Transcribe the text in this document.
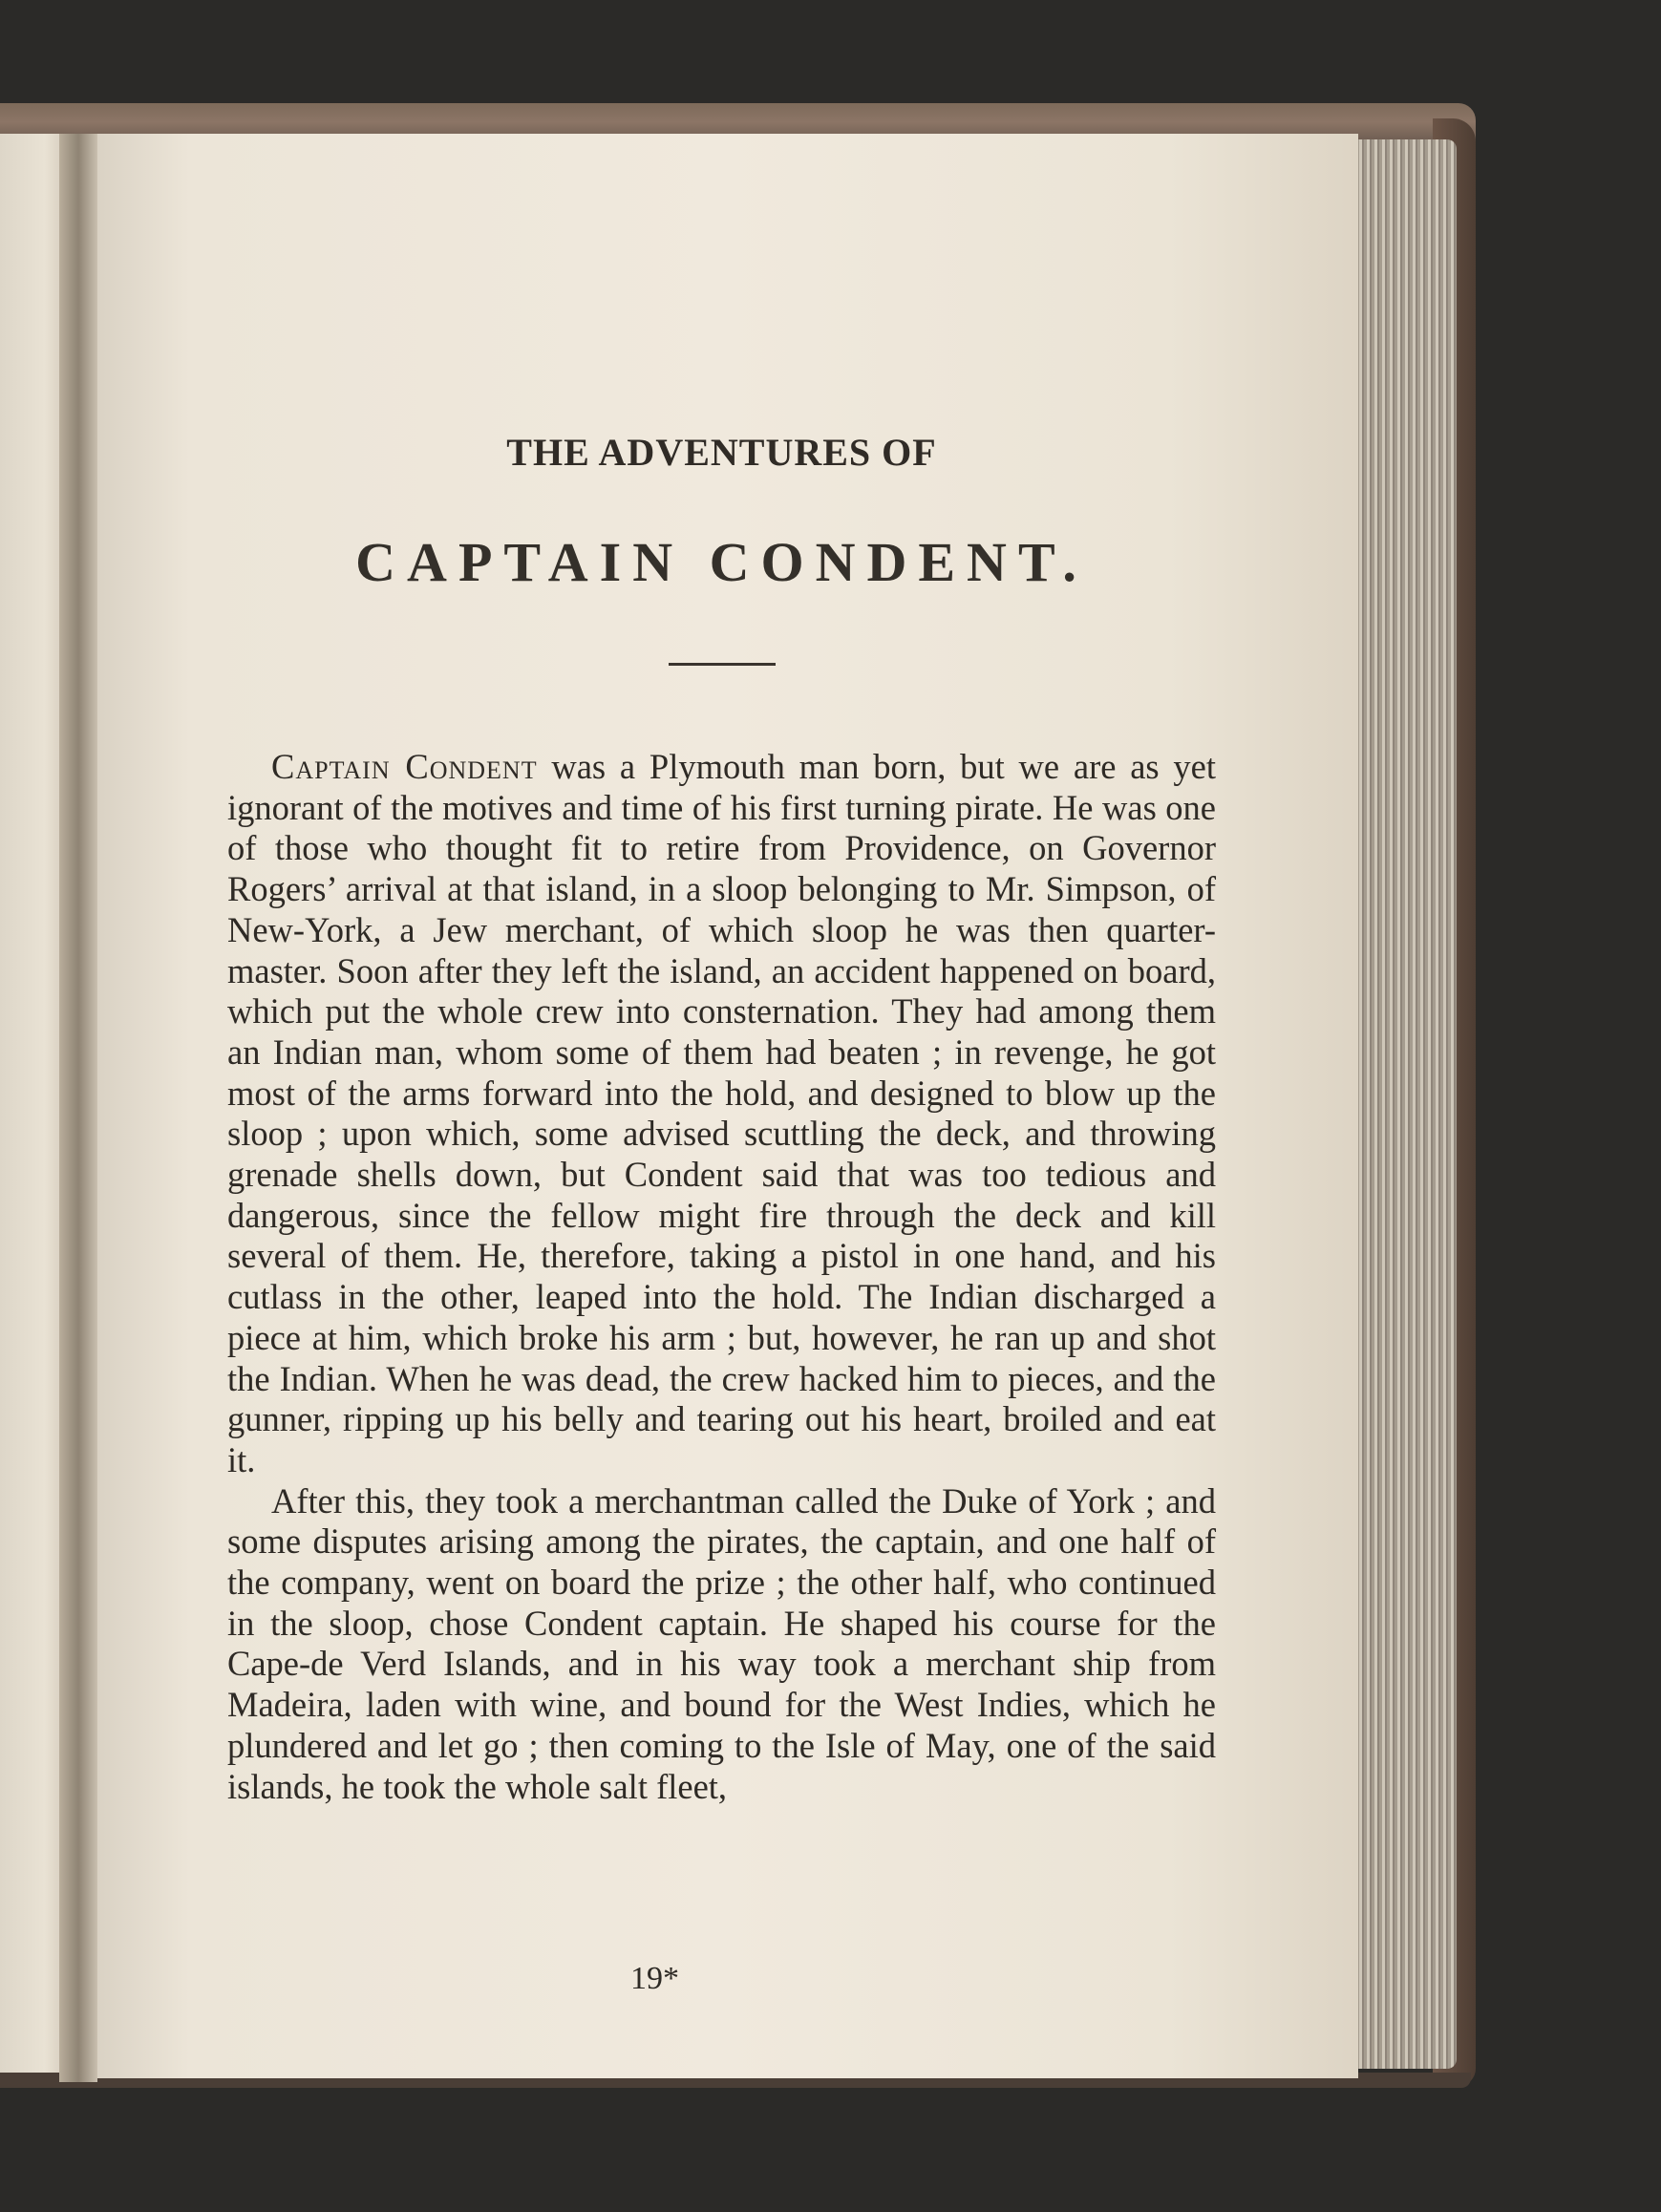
THE ADVENTURES OF
CAPTAIN CONDENT.

Captain Condent was a Plymouth man born, but we are as yet ignorant of the motives and time of his first turning pirate. He was one of those who thought fit to retire from Providence, on Governor Rogers’ arrival at that island, in a sloop belonging to Mr. Simpson, of New-York, a Jew merchant, of which sloop he was then quarter-master. Soon after they left the island, an accident happened on board, which put the whole crew into consternation. They had among them an Indian man, whom some of them had beaten ; in revenge, he got most of the arms forward into the hold, and designed to blow up the sloop ; upon which, some advised scuttling the deck, and throwing grenade shells down, but Condent said that was too tedious and dangerous, since the fellow might fire through the deck and kill several of them. He, therefore, taking a pistol in one hand, and his cutlass in the other, leaped into the hold. The Indian discharged a piece at him, which broke his arm ; but, however, he ran up and shot the Indian. When he was dead, the crew hacked him to pieces, and the gunner, ripping up his belly and tearing out his heart, broiled and eat it.

After this, they took a merchantman called the Duke of York ; and some disputes arising among the pirates, the captain, and one half of the company, went on board the prize ; the other half, who continued in the sloop, chose Condent captain. He shaped his course for the Cape-de Verd Islands, and in his way took a merchant ship from Madeira, laden with wine, and bound for the West Indies, which he plundered and let go ; then coming to the Isle of May, one of the said islands, he took the whole salt fleet,

19*
